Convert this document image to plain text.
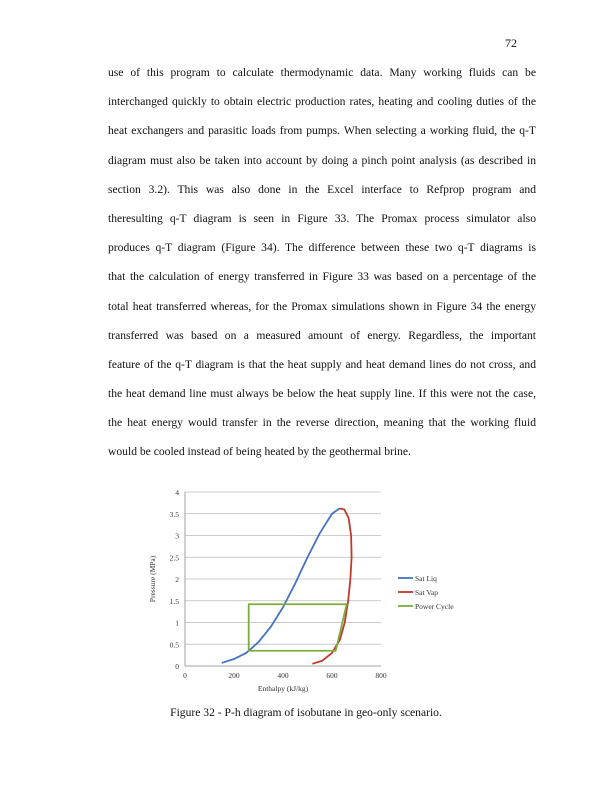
72
use of this program to calculate thermodynamic data. Many working fluids can be
interchanged quickly to obtain electric production rates, heating and cooling duties of the
heat exchangers and parasitic loads from pumps. When selecting a working fluid, the q-T
diagram must also be taken into account by doing a pinch point analysis (as described in
section 3.2). This was also done in the Excel interface to Refprop program and
theresulting q-T diagram is seen in Figure 33. The Promax process simulator also
produces q-T diagram (Figure 34). The difference between these two q-T diagrams is
that the calculation of energy transferred in Figure 33 was based on a percentage of the
total heat transferred whereas, for the Promax simulations shown in Figure 34 the energy
transferred was based on a measured amount of energy. Regardless, the important
feature of the q-T diagram is that the heat supply and heat demand lines do not cross, and
the heat demand line must always be below the heat supply line. If this were not the case,
the heat energy would transfer in the reverse direction, meaning that the working fluid
would be cooled instead of being heated by the geothermal brine.
0
0.5
1
1.5
2
2.5
3
3.5
4
0	200	400	600	800
Enthalpy (kJ/kg)
Pressure (MPa)	Sat Liq
Sat Vap
Power Cycle
Figure 32 - P-h diagram of isobutane in geo-only scenario.
